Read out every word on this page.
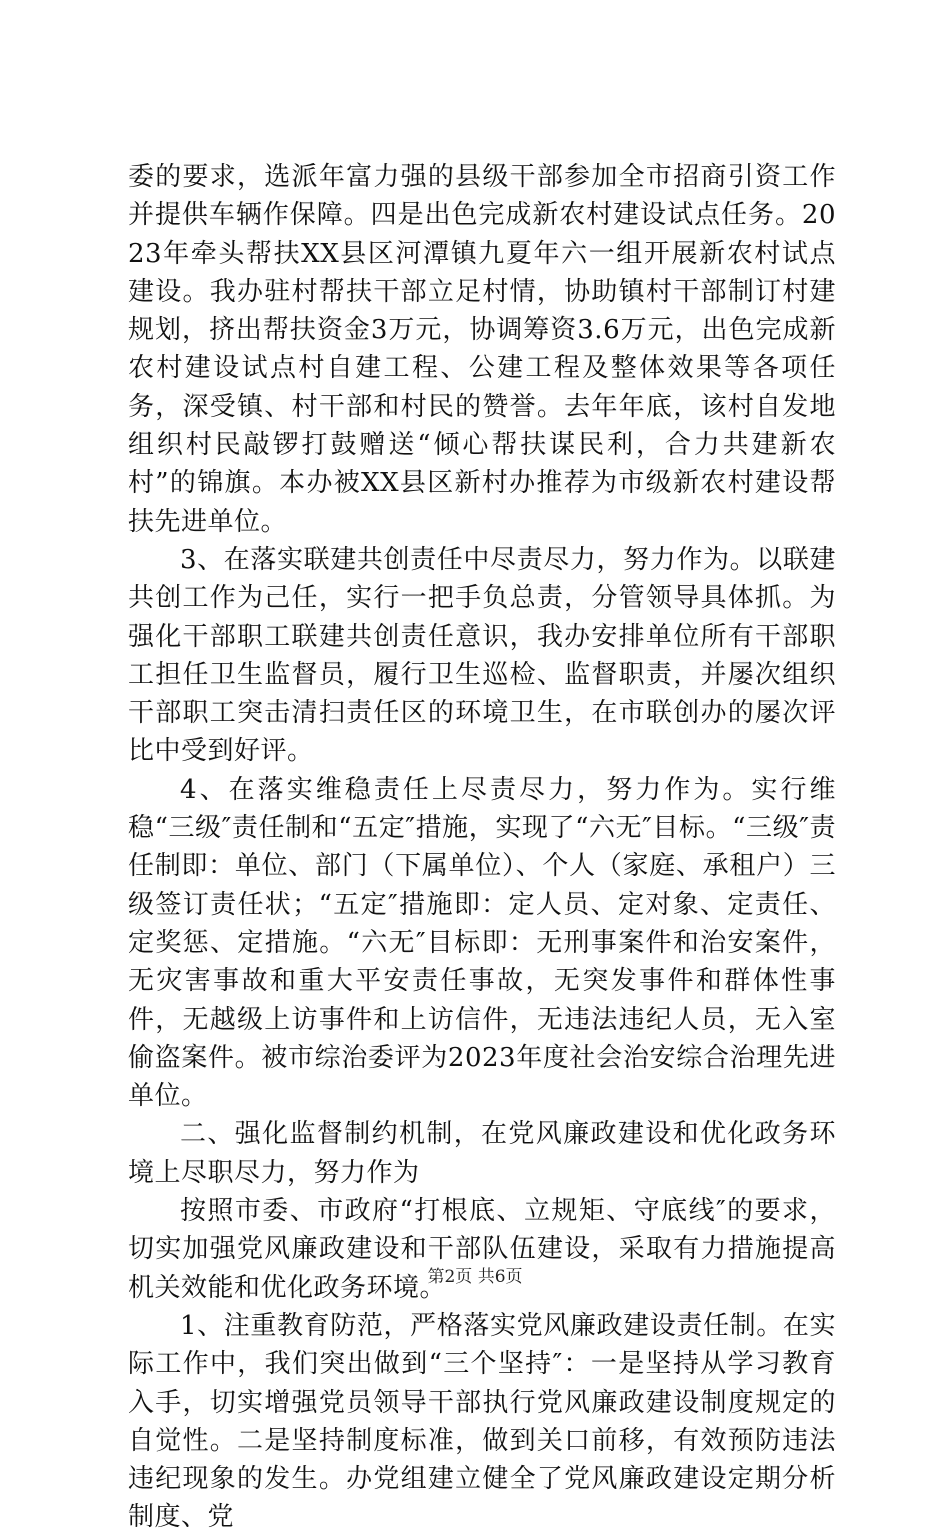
委的要求，选派年富力强的县级干部参加全市招商引资工作并提供车辆作保障。四是出色完成新农村建设试点任务。2023年牵头帮扶XX县区河潭镇九夏年六一组开展新农村试点建设。我办驻村帮扶干部立足村情，协助镇村干部制订村建规划，挤出帮扶资金3万元，协调筹资3.6万元，出色完成新农村建设试点村自建工程、公建工程及整体效果等各项任务，深受镇、村干部和村民的赞誉。去年年底，该村自发地组织村民敲锣打鼓赠送“倾心帮扶谋民利，合力共建新农村”的锦旗。本办被XX县区新村办推荐为市级新农村建设帮扶先进单位。

3、在落实联建共创责任中尽责尽力，努力作为。以联建共创工作为己任，实行一把手负总责，分管领导具体抓。为强化干部职工联建共创责任意识，我办安排单位所有干部职工担任卫生监督员，履行卫生巡检、监督职责，并屡次组织干部职工突击清扫责任区的环境卫生，在市联创办的屡次评比中受到好评。

4、在落实维稳责任上尽责尽力，努力作为。实行维稳“三级″责任制和“五定″措施，实现了“六无″目标。“三级″责任制即：单位、部门（下属单位）、个人（家庭、承租户）三级签订责任状；“五定″措施即：定人员、定对象、定责任、定奖惩、定措施。“六无″目标即：无刑事案件和治安案件，无灾害事故和重大平安责任事故，无突发事件和群体性事件，无越级上访事件和上访信件，无违法违纪人员，无入室偷盗案件。被市综治委评为2023年度社会治安综合治理先进单位。

二、强化监督制约机制，在党风廉政建设和优化政务环境上尽职尽力，努力作为

按照市委、市政府“打根底、立规矩、守底线″的要求，切实加强党风廉政建设和干部队伍建设，采取有力措施提高机关效能和优化政务环境。

1、注重教育防范，严格落实党风廉政建设责任制。在实际工作中，我们突出做到“三个坚持″：一是坚持从学习教育入手，切实增强党员领导干部执行党风廉政建设制度规定的自觉性。二是坚持制度标准，做到关口前移，有效预防违法违纪现象的发生。办党组建立健全了党风廉政建设定期分析制度、党

第2页 共6页
